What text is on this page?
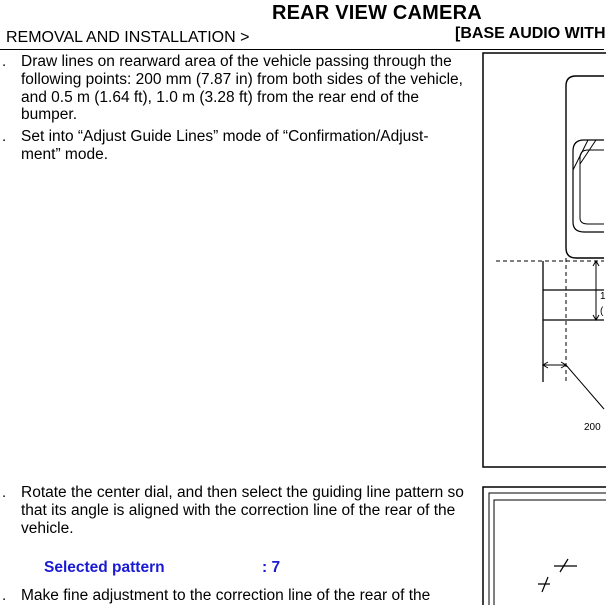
REAR VIEW CAMERA
REMOVAL AND INSTALLATION >	[BASE AUDIO WITH
. Draw lines on rearward area of the vehicle passing through the
following points: 200 mm (7.87 in) from both sides of the vehicle,
and 0.5 m (1.64 ft), 1.0 m (3.28 ft) from the rear end of the
bumper.
. Set into “Adjust Guide Lines” mode of “Confirmation/Adjust-
ment” mode.
. Rotate the center dial, and then select the guiding line pattern so
that its angle is aligned with the correction line of the rear of the
vehicle.
Selected pattern	: 7
. Make fine adjustment to the correction line of the rear of the
1
(
200
